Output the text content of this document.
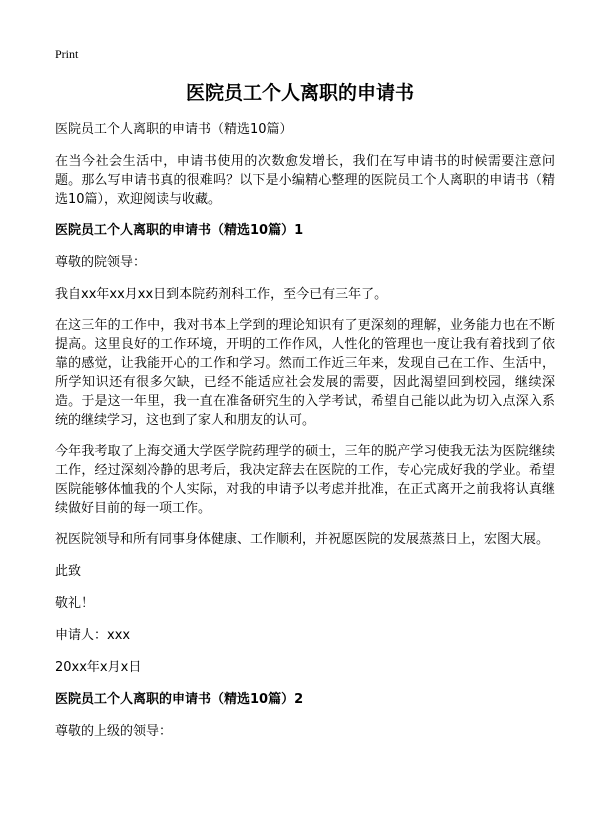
Print
医院员工个人离职的申请书

医院员工个人离职的申请书（精选10篇）

在当今社会生活中，申请书使用的次数愈发增长，我们在写申请书的时候需要注意问题。那么写申请书真的很难吗？以下是小编精心整理的医院员工个人离职的申请书（精选10篇），欢迎阅读与收藏。

医院员工个人离职的申请书（精选10篇）1

尊敬的院领导：

我自xx年xx月xx日到本院药剂科工作，至今已有三年了。

在这三年的工作中，我对书本上学到的理论知识有了更深刻的理解，业务能力也在不断提高。这里良好的工作环境，开明的工作作风，人性化的管理也一度让我有着找到了依靠的感觉，让我能开心的工作和学习。然而工作近三年来，发现自己在工作、生活中，所学知识还有很多欠缺，已经不能适应社会发展的需要，因此渴望回到校园，继续深造。于是这一年里，我一直在准备研究生的入学考试，希望自己能以此为切入点深入系统的继续学习，这也到了家人和朋友的认可。

今年我考取了上海交通大学医学院药理学的硕士，三年的脱产学习使我无法为医院继续工作，经过深刻冷静的思考后，我决定辞去在医院的工作，专心完成好我的学业。希望医院能够体恤我的个人实际，对我的申请予以考虑并批准，在正式离开之前我将认真继续做好目前的每一项工作。

祝医院领导和所有同事身体健康、工作顺利，并祝愿医院的发展蒸蒸日上，宏图大展。

此致

敬礼！

申请人：xxx

20xx年x月x日

医院员工个人离职的申请书（精选10篇）2

尊敬的上级的领导：
